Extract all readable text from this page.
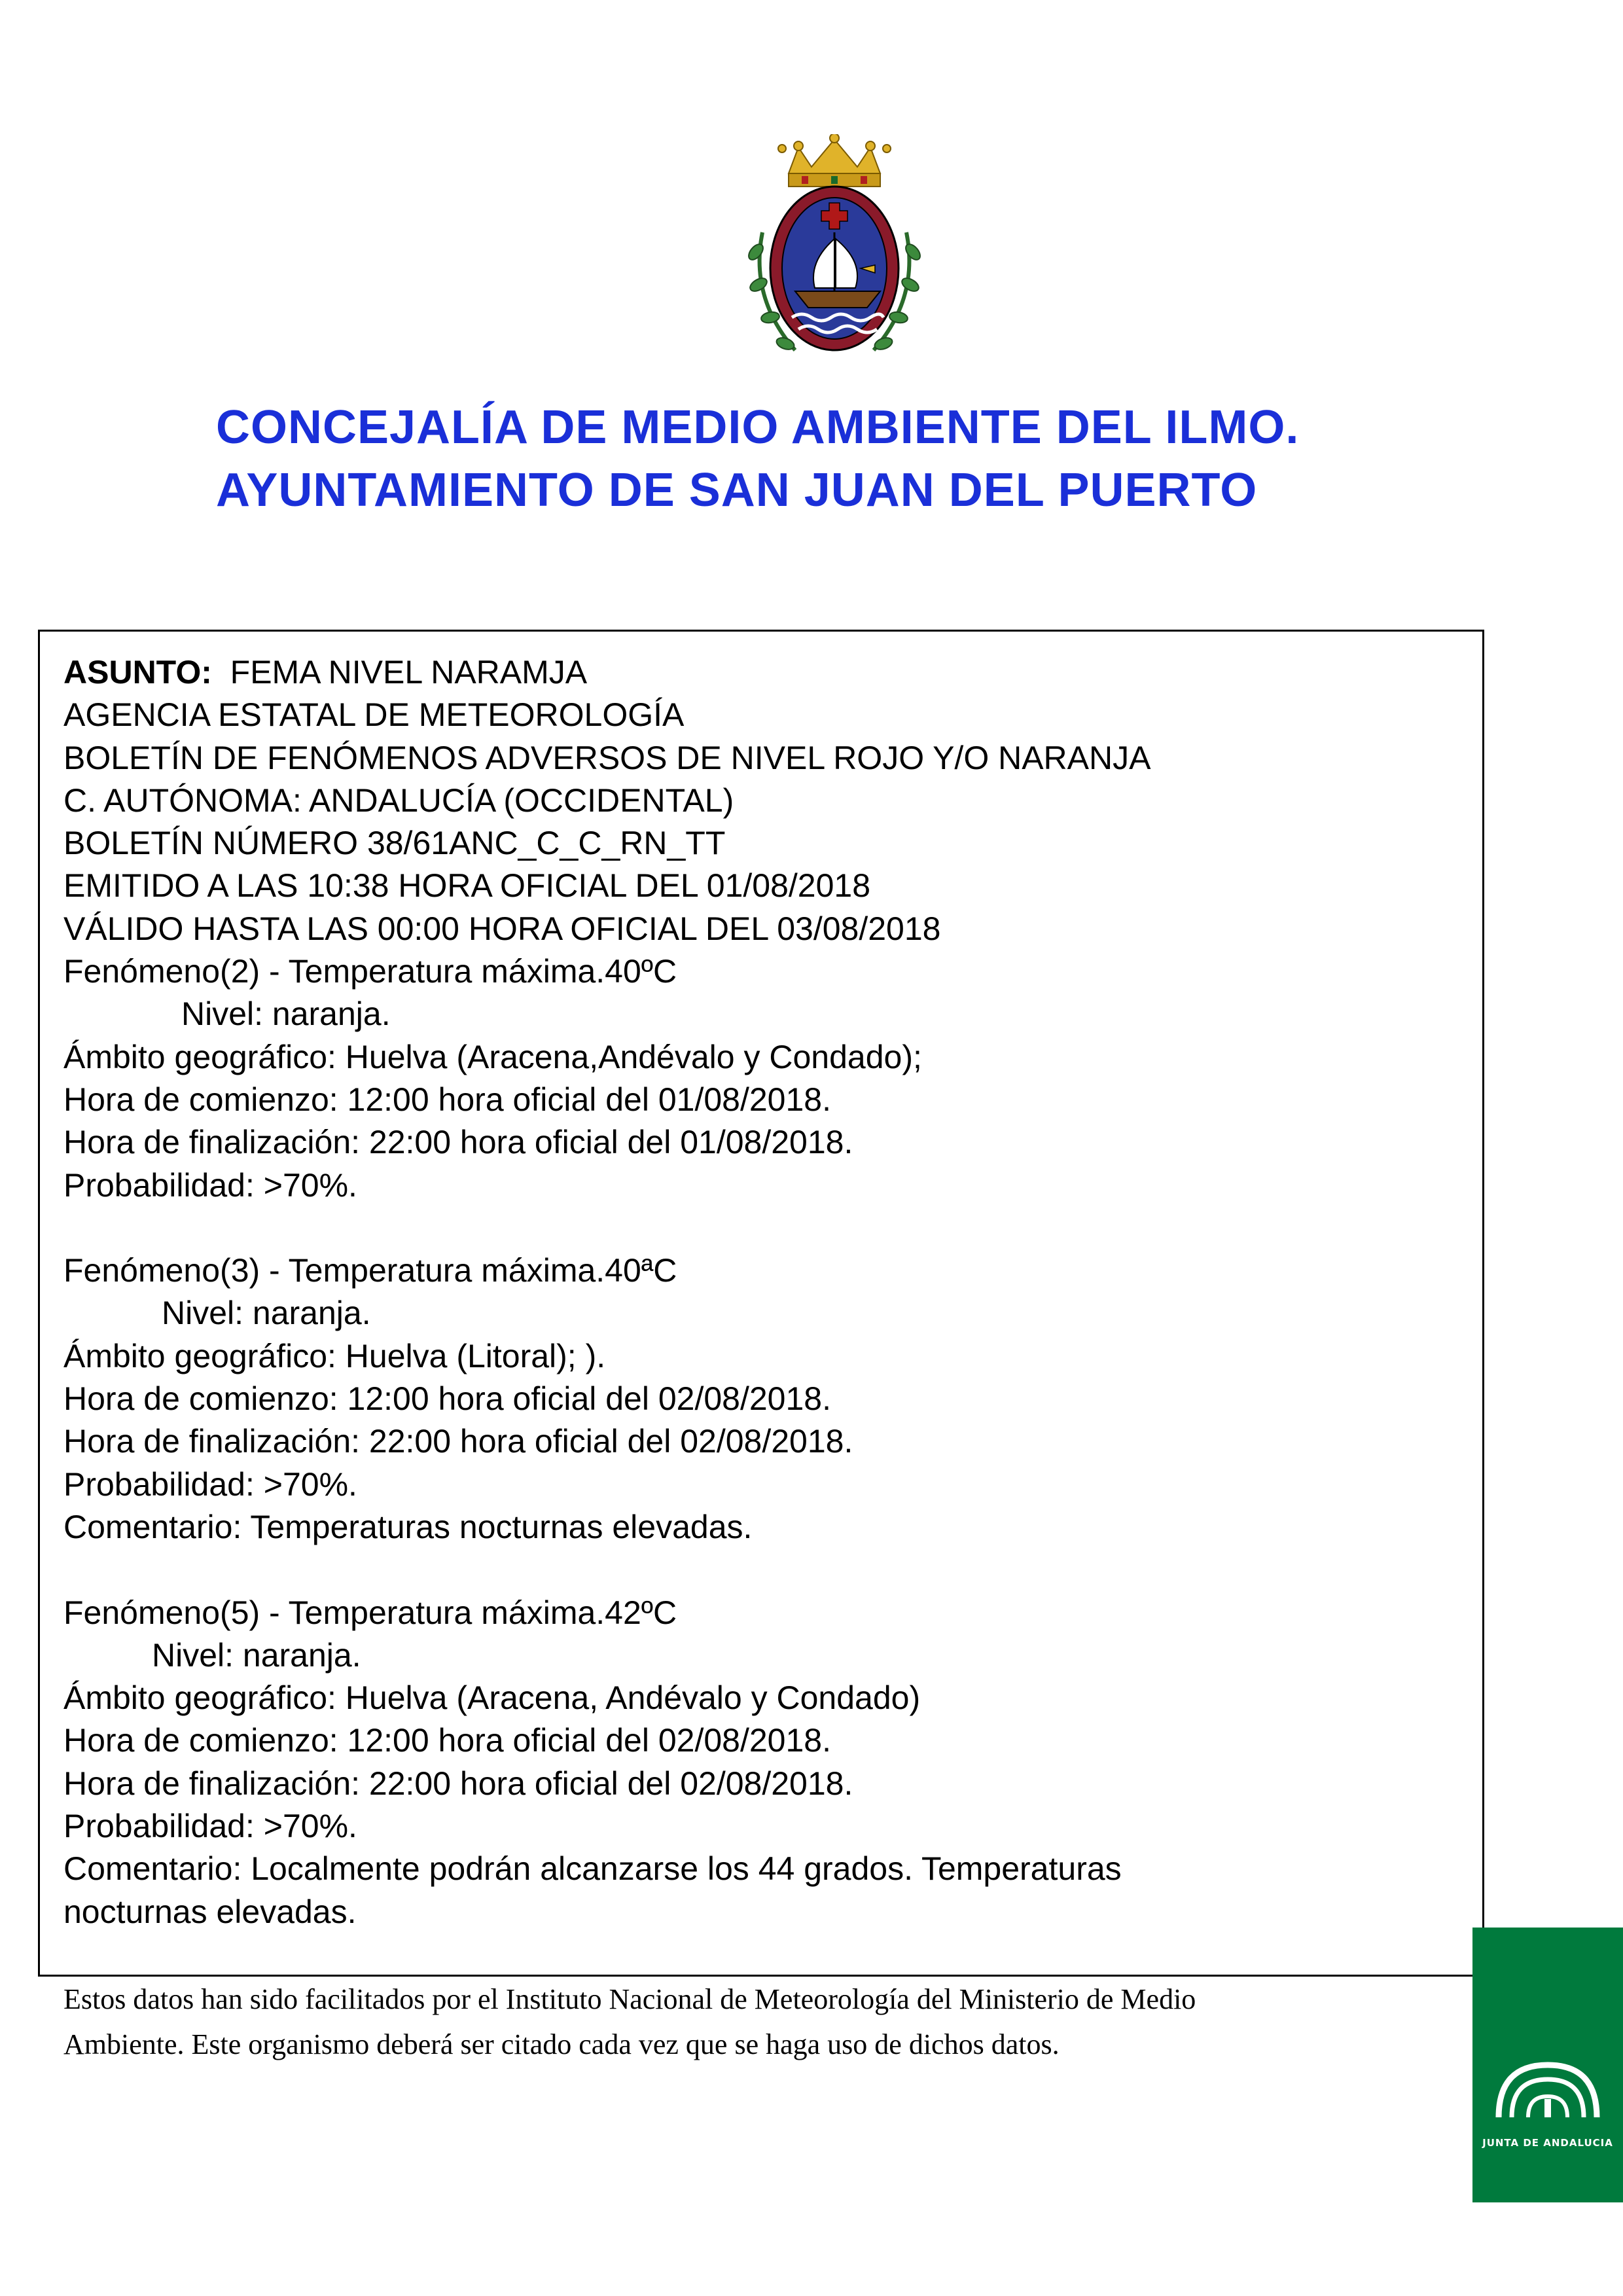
CONCEJALÍA DE MEDIO AMBIENTE DEL ILMO.
AYUNTAMIENTO DE SAN JUAN DEL PUERTO
ASUNTO: FEMA NIVEL NARAMJA
AGENCIA ESTATAL DE METEOROLOGÍA
BOLETÍN DE FENÓMENOS ADVERSOS DE NIVEL ROJO Y/O NARANJA
C. AUTÓNOMA: ANDALUCÍA (OCCIDENTAL)
BOLETÍN NÚMERO 38/61ANC_C_C_RN_TT
EMITIDO A LAS 10:38 HORA OFICIAL DEL 01/08/2018
VÁLIDO HASTA LAS 00:00 HORA OFICIAL DEL 03/08/2018
Fenómeno(2) - Temperatura máxima.40ºC
Nivel: naranja.
Ámbito geográfico: Huelva (Aracena,Andévalo y Condado);
Hora de comienzo: 12:00 hora oficial del 01/08/2018.
Hora de finalización: 22:00 hora oficial del 01/08/2018.
Probabilidad: >70%.
Fenómeno(3) - Temperatura máxima.40ªC
Nivel: naranja.
Ámbito geográfico: Huelva (Litoral); ).
Hora de comienzo: 12:00 hora oficial del 02/08/2018.
Hora de finalización: 22:00 hora oficial del 02/08/2018.
Probabilidad: >70%.
Comentario: Temperaturas nocturnas elevadas.
Fenómeno(5) - Temperatura máxima.42ºC
Nivel: naranja.
Ámbito geográfico: Huelva (Aracena, Andévalo y Condado)
Hora de comienzo: 12:00 hora oficial del 02/08/2018.
Hora de finalización: 22:00 hora oficial del 02/08/2018.
Probabilidad: >70%.
Comentario: Localmente podrán alcanzarse los 44 grados. Temperaturas
nocturnas elevadas.
Estos datos han sido facilitados por el Instituto Nacional de Meteorología del Ministerio de Medio
Ambiente. Este organismo deberá ser citado cada vez que se haga uso de dichos datos.
JUNTA DE ANDALUCIA
